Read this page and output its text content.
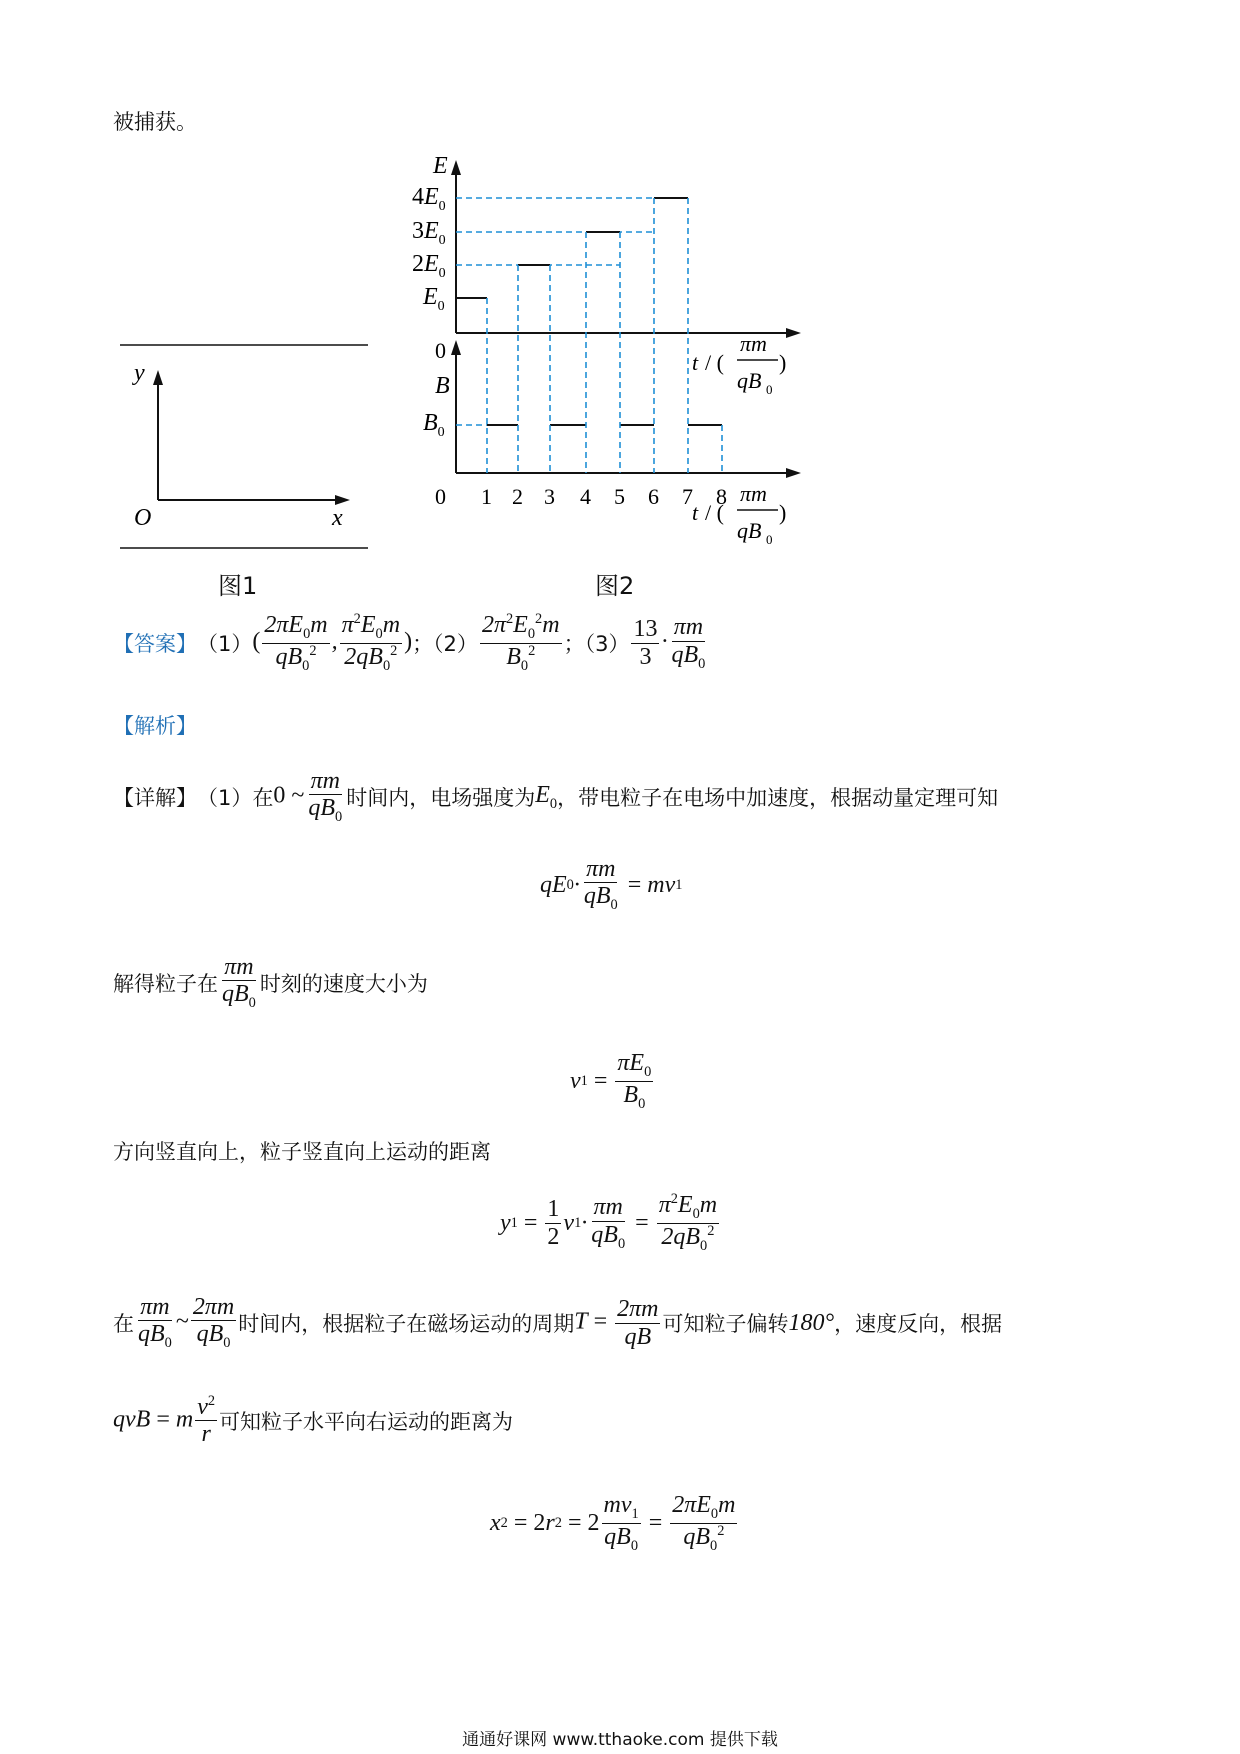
被捕获。
y
x
O
图1
E
0
$4E_0$
$3E_0$
$2E_0$
$E_0$
B
$B_0$
0 1 2 3 4 5 6 7 8
t / (
πm
qB 0
)
t / (
πm
qB 0
)
图2
【答案】 （1） ( $\frac{2\pi E_0m}{qB_0^2}$ , $\frac{\pi^2E_0m}{2qB_0^2}$ ) ；$(2) \frac{2\pi^2E_0^2m}{B_0^2}$ ；$(3) \frac{13}{3} \cdot \frac{\pi m}{qB_0}$
【解析】
【详解】 （1）在 0 ~ $\frac{\pi m}{qB_0}$ 时间内，电场强度为 $E_0$ ，带电粒子在电场中加速度，根据动量定理可知
qE $0 \cdot \frac{\pi m}{qB_0}$ = mv 1
解得粒子在 $\frac{\pi m}{qB_0}$ 时刻的速度大小为
v $1 = \frac{\pi E_0}{B_0}$
方向竖直向上，粒子竖直向上运动的距离
y $1 = \frac{1}{2}$ v $1 \cdot \frac{\pi m}{qB_0} = \frac{\pi^2E_0m}{2qB_0^2}$
在 $\frac{\pi m}{qB_0}$ ~ $\frac{2\pi m}{qB_0}$ 时间内，根据粒子在磁场运动的周期 $T = \frac{2\pi m}{qB}$ 可知粒子偏转 180° ，速度反向，根据
qvB = m $\frac{v^2}{r}$ 可知粒子水平向右运动的距离为
x 2 = 2 r $2 = 2 \frac{mv_1}{qB_0} = \frac{2\pi E_0m}{qB_0^2}$
通通好课网 www.tthaoke.com 提供下载
